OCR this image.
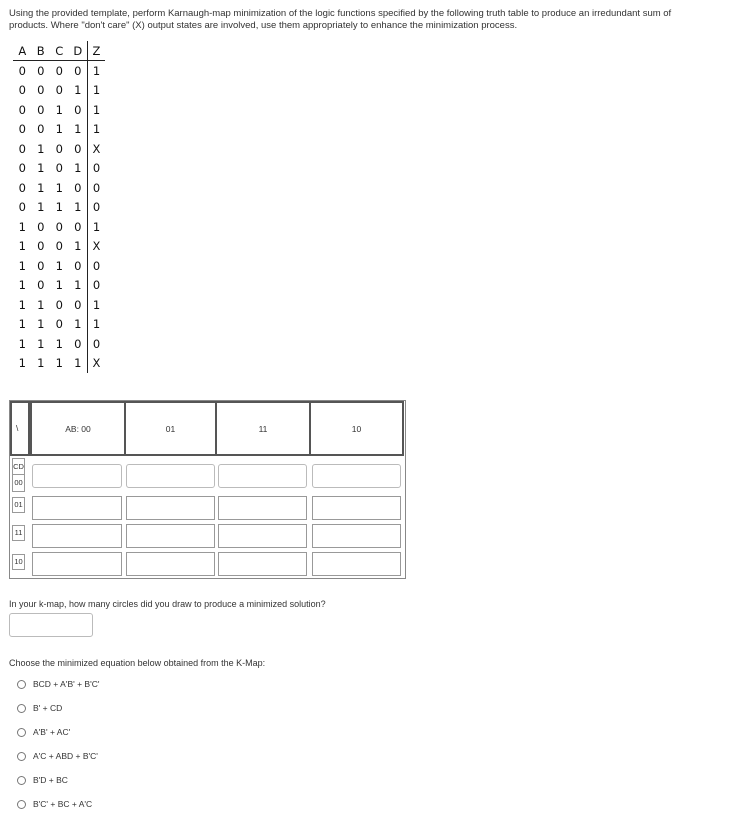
Using the provided template, perform Karnaugh-map minimization of the logic functions specified by the following truth table to produce an irredundant sum of products. Where "don't care" (X) output states are involved, use them appropriately to enhance the minimization process.
A	B	C	D	Z
0	0	0	0	1
0	0	0	1	1
0	0	1	0	1
0	0	1	1	1
0	1	0	0	X
0	1	0	1	0
0	1	1	0	0
0	1	1	1	0
1	0	0	0	1
1	0	0	1	X
1	0	1	0	0
1	0	1	1	0
1	1	0	0	1
1	1	0	1	1
1	1	1	0	0
1	1	1	1	X
\	AB: 00	01	11	10
CD
00
01
11
10
In your k-map, how many circles did you draw to produce a minimized solution?
Choose the minimized equation below obtained from the K-Map:
BCD + A'B' + B'C'
B' + CD
A'B' + AC'
A'C + ABD + B'C'
B'D + BC
B'C' + BC + A'C
